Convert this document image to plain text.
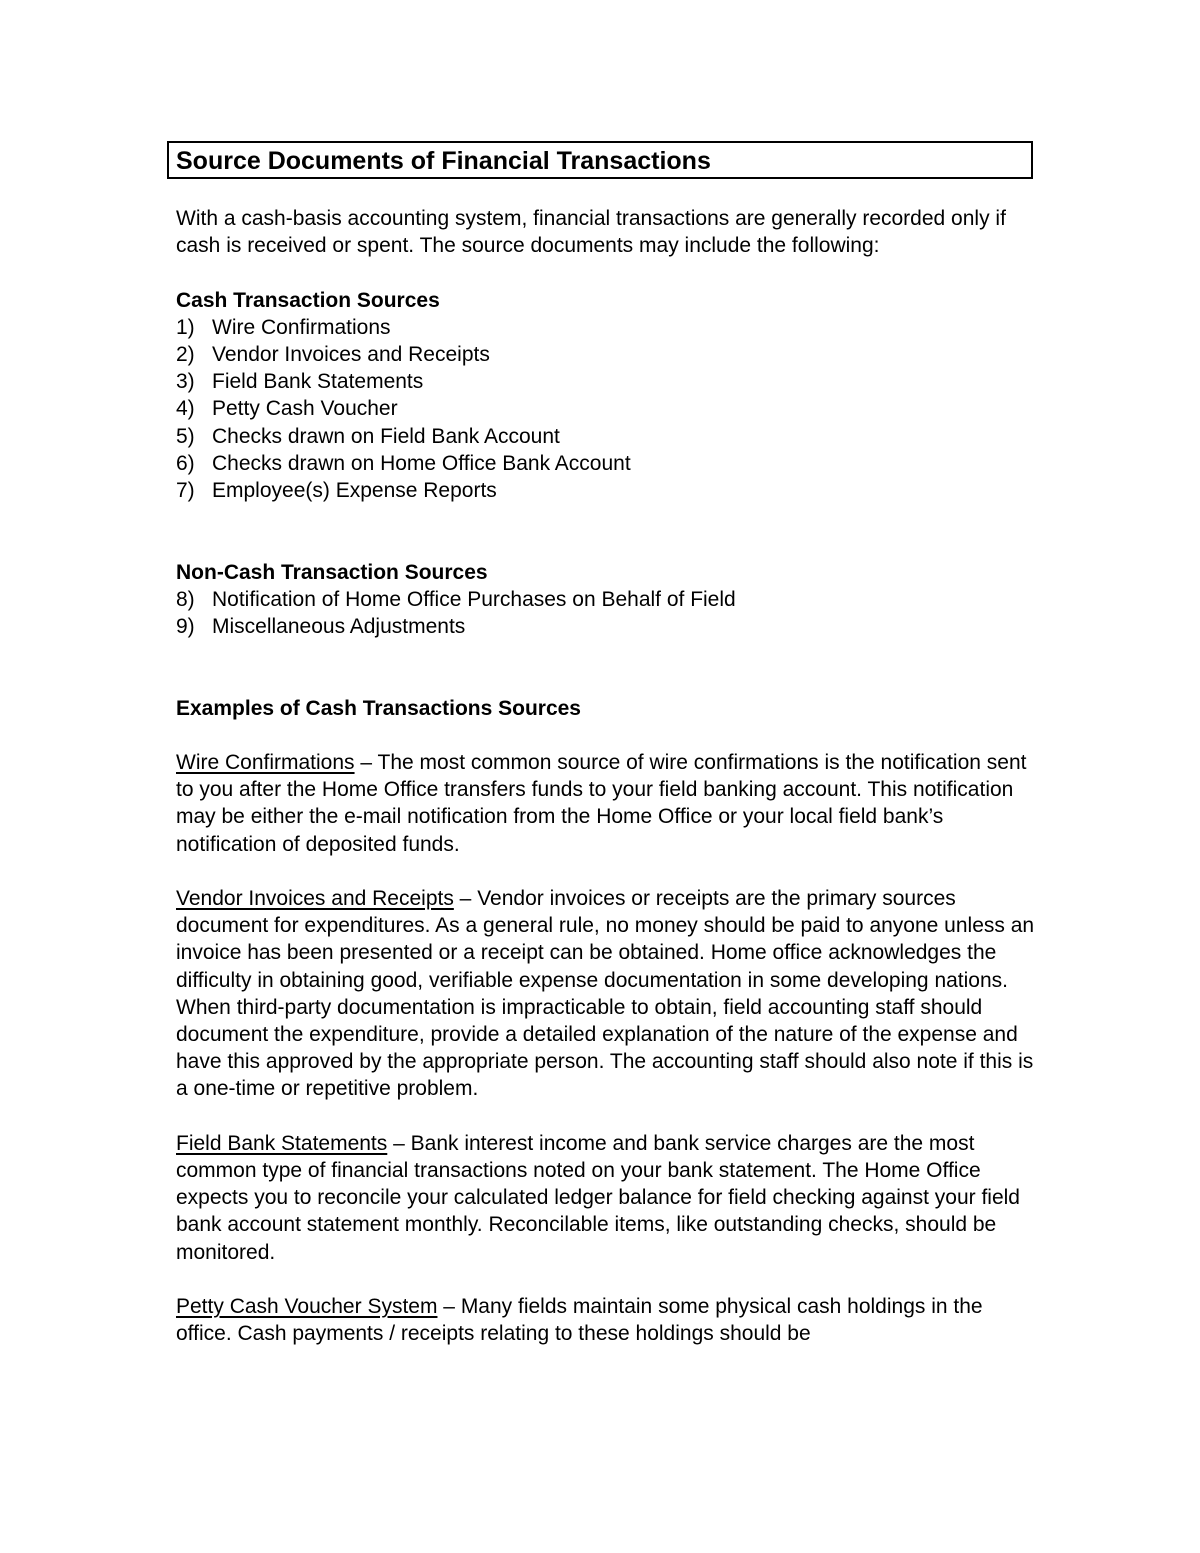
Source Documents of Financial Transactions

With a cash-basis accounting system, financial transactions are generally recorded only if cash is received or spent. The source documents may include the following:

Cash Transaction Sources

1) Wire Confirmations
2) Vendor Invoices and Receipts
3) Field Bank Statements
4) Petty Cash Voucher
5) Checks drawn on Field Bank Account
6) Checks drawn on Home Office Bank Account
7) Employee(s) Expense Reports

Non-Cash Transaction Sources

8) Notification of Home Office Purchases on Behalf of Field
9) Miscellaneous Adjustments

Examples of Cash Transactions Sources

Wire Confirmations – The most common source of wire confirmations is the notification sent to you after the Home Office transfers funds to your field banking account. This notification may be either the e-mail notification from the Home Office or your local field bank’s notification of deposited funds.

Vendor Invoices and Receipts – Vendor invoices or receipts are the primary sources document for expenditures. As a general rule, no money should be paid to anyone unless an invoice has been presented or a receipt can be obtained. Home office acknowledges the difficulty in obtaining good, verifiable expense documentation in some developing nations. When third-party documentation is impracticable to obtain, field accounting staff should document the expenditure, provide a detailed explanation of the nature of the expense and have this approved by the appropriate person. The accounting staff should also note if this is a one-time or repetitive problem.

Field Bank Statements – Bank interest income and bank service charges are the most common type of financial transactions noted on your bank statement. The Home Office expects you to reconcile your calculated ledger balance for field checking against your field bank account statement monthly. Reconcilable items, like outstanding checks, should be monitored.

Petty Cash Voucher System – Many fields maintain some physical cash holdings in the office. Cash payments / receipts relating to these holdings should be
